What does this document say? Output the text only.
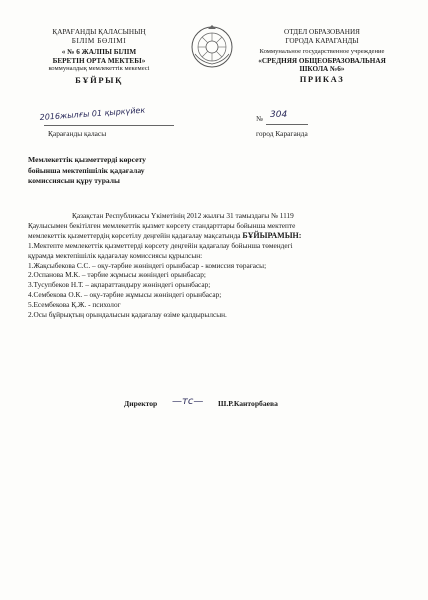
ҚАРАҒАНДЫ ҚАЛАСЫНЫҢ
БІЛІМ БӨЛІМІ
« № 6 ЖАЛПЫ БІЛІМ
БЕРЕТІН ОРТА МЕКТЕБІ»
коммуналдық мемлекеттік мекемесі
БҰЙРЫҚ
ОТДЕЛ ОБРАЗОВАНИЯ
ГОРОДА КАРАГАНДЫ
Коммунальное государственное учреждение
«СРЕДНЯЯ ОБЩЕОБРАЗОВАЛЬНАЯ
ШКОЛА №6»
ПРИКАЗ
2016жылғы 01 қыркүйек	№ 304
Қарағанды қаласы	город Караганда
Мемлекеттік қызметтерді көрсету
бойынша мектепішілік қадағалау
комиссиясын құру туралы
Қазақстан Республикасы Үкіметінің 2012 жылғы 31 тамыздағы № 1119
Қаулысымен бекітілген мемлекеттік қызмет көрсету стандарттары бойынша мектепте
мемлекеттік қызметтердің көрсетілу деңгейін қадағалау мақсатында БҰЙЫРАМЫН:
1.Мектепте мемлекеттік қызметтерді көрсету деңгейін қадағалау бойынша төмендегі
құрамда мектепішілік қадағалау комиссиясы құрылсын:
1.Жақсыбекова С.С. – оқу-тәрбие жөніндегі орынбасар - комиссия төрағасы;
2.Оспанова М.К. – тәрбие жұмысы жөніндегі орынбасар;
3.Тусупбеков Н.Т. – ақпараттандыру жөніндегі орынбасар;
4.Сембекова О.К. – оқу-тәрбие жұмысы жөніндегі орынбасар;
5.Есембекова Қ.Ж. - психолог
2.Осы бұйрықтың орындалысын қадағалау өзіме қалдырылсын.
Директор —тс— Ш.Р.Канторбаева
